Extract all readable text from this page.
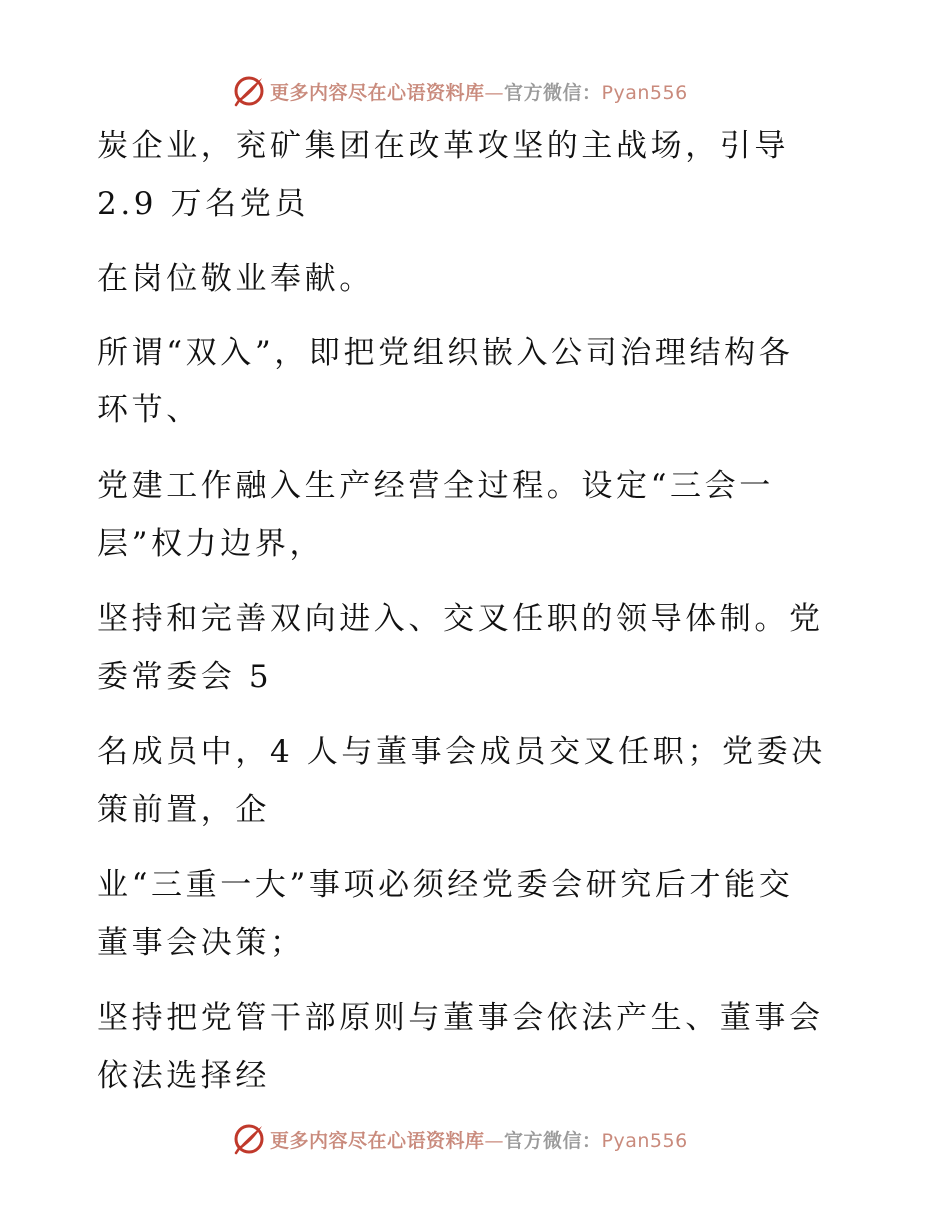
更多内容尽在心语资料库—官方微信：Pyan556
炭企业，兖矿集团在改革攻坚的主战场，引导
2.9 万名党员
在岗位敬业奉献。
所谓“双入”，即把党组织嵌入公司治理结构各
环节、
党建工作融入生产经营全过程。设定“三会一
层”权力边界，
坚持和完善双向进入、交叉任职的领导体制。党
委常委会 5
名成员中，4 人与董事会成员交叉任职；党委决
策前置，企
业“三重一大”事项必须经党委会研究后才能交
董事会决策；
坚持把党管干部原则与董事会依法产生、董事会
依法选择经
更多内容尽在心语资料库—官方微信：Pyan556
